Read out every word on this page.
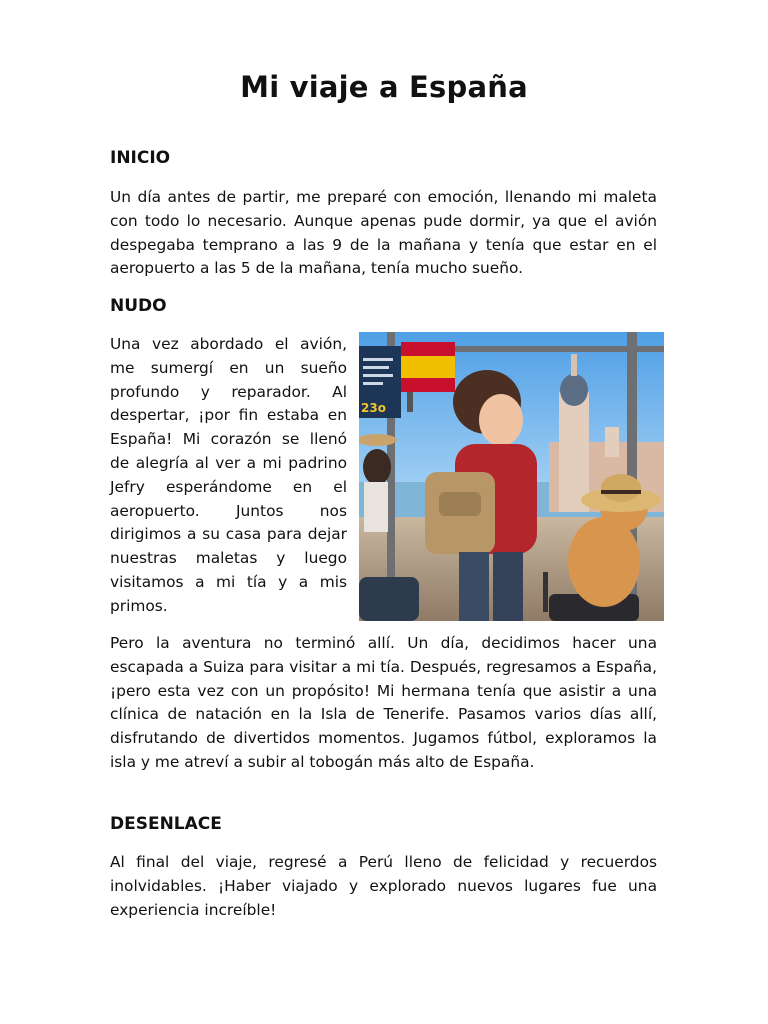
Mi viaje a España
INICIO

Un día antes de partir, me preparé con emoción, llenando mi maleta con todo lo necesario. Aunque apenas pude dormir, ya que el avión despegaba temprano a las 9 de la mañana y tenía que estar en el aeropuerto a las 5 de la mañana, tenía mucho sueño.

NUDO

Una vez abordado el avión, me sumergí en un sueño profundo y reparador. Al despertar, ¡por fin estaba en España! Mi corazón se llenó de alegría al ver a mi padrino Jefry esperándome en el aeropuerto. Juntos nos dirigimos a su casa para dejar nuestras maletas y luego visitamos a mi tía y a mis primos.

23o

Pero la aventura no terminó allí. Un día, decidimos hacer una escapada a Suiza para visitar a mi tía. Después, regresamos a España, ¡pero esta vez con un propósito! Mi hermana tenía que asistir a una clínica de natación en la Isla de Tenerife. Pasamos varios días allí, disfrutando de divertidos momentos. Jugamos fútbol, exploramos la isla y me atreví a subir al tobogán más alto de España.

DESENLACE

Al final del viaje, regresé a Perú lleno de felicidad y recuerdos inolvidables. ¡Haber viajado y explorado nuevos lugares fue una experiencia increíble!
